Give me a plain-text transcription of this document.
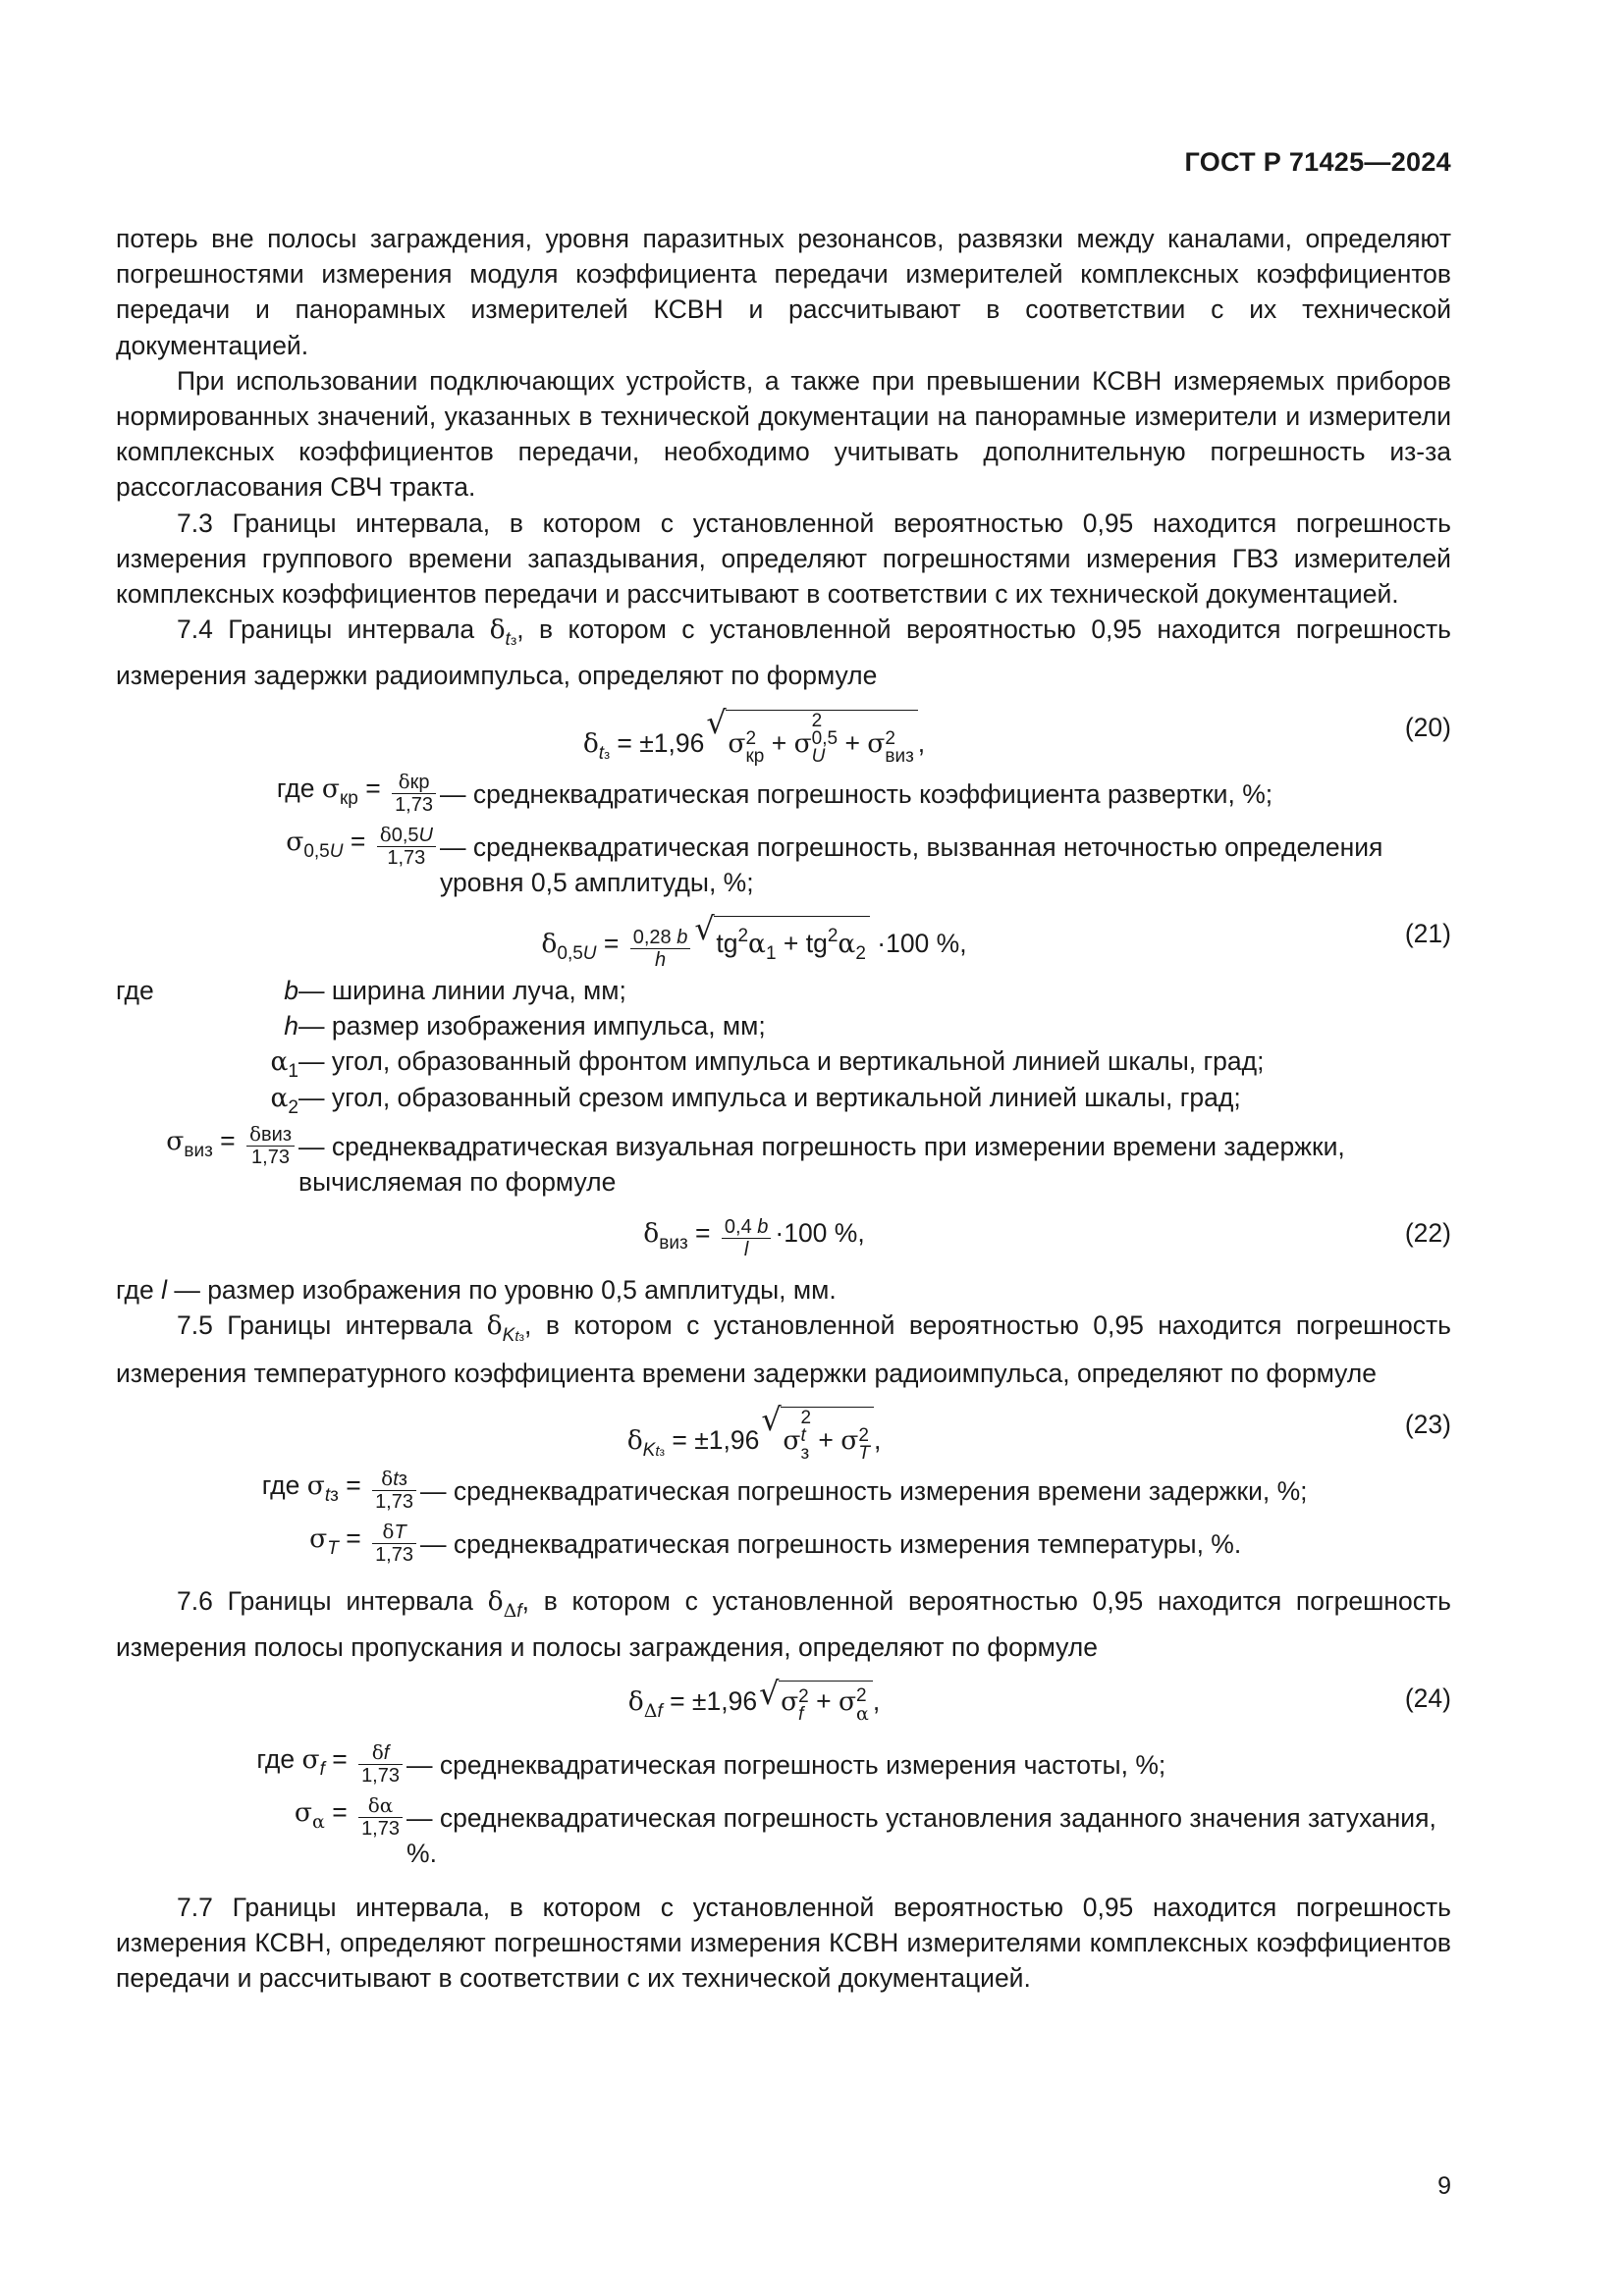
ГОСТ Р 71425—2024

потерь вне полосы заграждения, уровня паразитных резонансов, развязки между каналами, определяют погрешностями измерения модуля коэффициента передачи измерителей комплексных коэффициентов передачи и панорамных измерителей КСВН и рассчитывают в соответствии с их технической документацией.

При использовании подключающих устройств, а также при превышении КСВН измеряемых приборов нормированных значений, указанных в технической документации на панорамные измерители и измерители комплексных коэффициентов передачи, необходимо учитывать дополнительную погрешность из-за рассогласования СВЧ тракта.

7.3 Границы интервала, в котором с установленной вероятностью 0,95 находится погрешность измерения группового времени запаздывания, определяют погрешностями измерения ГВЗ измерителей комплексных коэффициентов передачи и рассчитывают в соответствии с их технической документацией.

7.4 Границы интервала $\delta_{tз}$, в котором с установленной вероятностью 0,95 находится погрешность измерения задержки радиоимпульса, определяют по формуле

$\delta_{tз} = \pm 1,96$ √ σ 2
кр + σ
2
0,5
U + σ 2
виз ,
(20)
где $\sigma_{кр} = \frac{\text{δкр}}{1,73}$ — среднеквадратическая погрешность коэффициента развертки, %;
$\sigma_{0,5U} = \frac{\delta 0,5U}{1,73}$ — среднеквадратическая погрешность, вызванная неточностью определения уровня 0,5 амплитуды, %;
$\delta_{0,5U} = \frac{0,28 b}{h}$ √ $tg^2\alpha_1 + tg^2\alpha_2 \cdot 100$ %,	(21)
где	b — ширина линии луча, мм;
h — размер изображения импульса, мм;
$\alpha_1$ — угол, образованный фронтом импульса и вертикальной линией шкалы, град;
$\alpha_2$ — угол, образованный срезом импульса и вертикальной линией шкалы, град;
$\sigma_{виз} = \frac{\text{δвиз}}{1,73}$ — среднеквадратическая визуальная погрешность при измерении времени задержки, вычисляемая по формуле
$\delta_{виз} = \frac{0,4 b}{l} \cdot 100$ %,	(22)

где l — размер изображения по уровню 0,5 амплитуды, мм.

7.5 Границы интервала $\delta_{Ktз}$, в котором с установленной вероятностью 0,95 находится погрешность измерения температурного коэффициента времени задержки радиоимпульса, определяют по формуле

$\delta_{Ktз} = \pm 1,96$ √ σ
2
t
з + σ 2
T ,
(23)
где $\sigma_{tз} = \frac{\text{δtз}}{1,73}$ — среднеквадратическая погрешность измерения времени задержки, %;
$\sigma_T = \frac{\delta T}{1,73}$ — среднеквадратическая погрешность измерения температуры, %.

7.6 Границы интервала $\delta_{\Delta f}$, в котором с установленной вероятностью 0,95 находится погрешность измерения полосы пропускания и полосы заграждения, определяют по формуле

$\delta_{\Delta f} = \pm 1,96$ √ σ 2
f + σ 2
α ,	(24)
где $\sigma_f = \frac{\delta f}{1,73}$ — среднеквадратическая погрешность измерения частоты, %;
$\sigma_\alpha = \frac{\delta\alpha}{1,73}$ — среднеквадратическая погрешность установления заданного значения затухания, %.

7.7 Границы интервала, в котором с установленной вероятностью 0,95 находится погрешность измерения КСВН, определяют погрешностями измерения КСВН измерителями комплексных коэффициентов передачи и рассчитывают в соответствии с их технической документацией.

9
